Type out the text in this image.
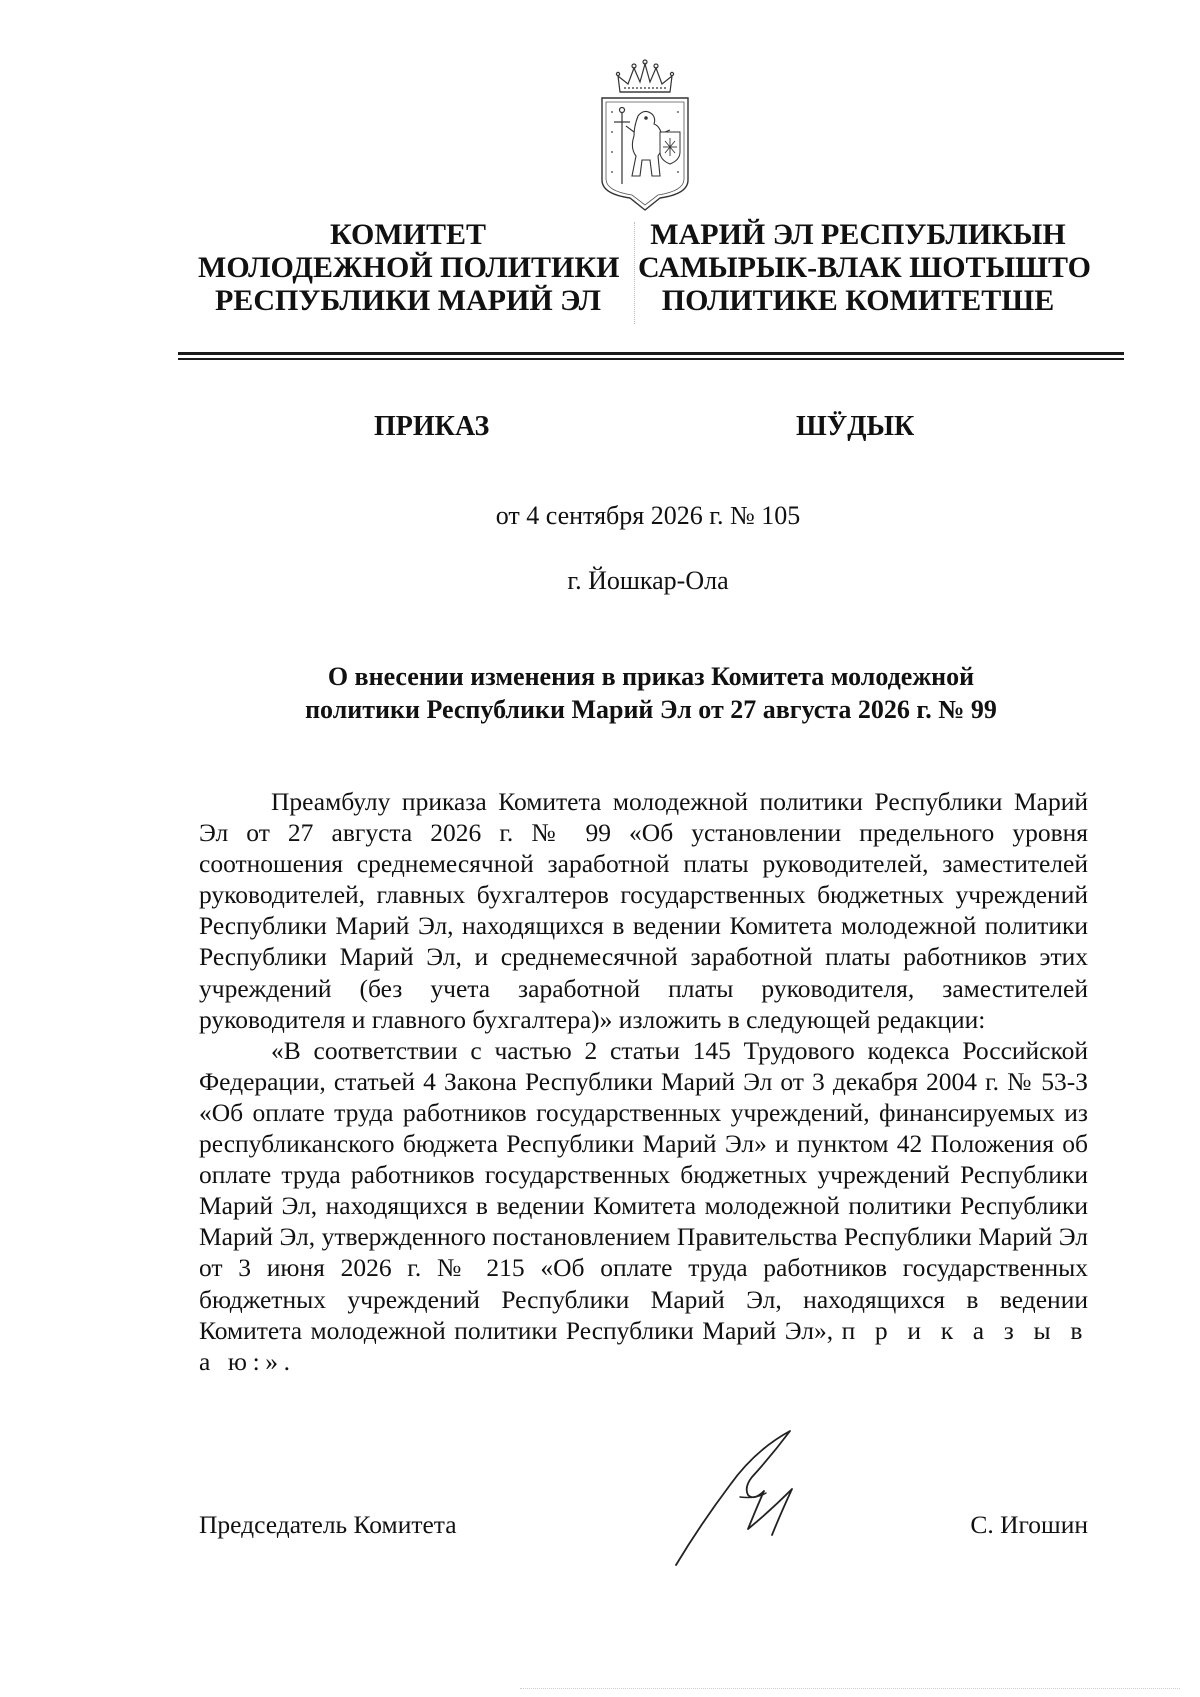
КОМИТЕТ
МОЛОДЕЖНОЙ ПОЛИТИКИ
РЕСПУБЛИКИ МАРИЙ ЭЛ
МАРИЙ ЭЛ РЕСПУБЛИКЫН
САМЫРЫК-ВЛАК ШОТЫШТО
ПОЛИТИКЕ КОМИТЕТШЕ
ПРИКАЗ	ШӰДЫК
от 4 сентября 2026 г. № 105
г. Йошкар-Ола
О внесении изменения в приказ Комитета молодежной
политики Республики Марий Эл от 27 августа 2026 г. № 99

Преамбулу приказа Комитета молодежной политики Республики Марий Эл от 27 августа 2026 г. № 99 «Об установлении предельного уровня соотношения среднемесячной заработной платы руководителей, заместителей руководителей, главных бухгалтеров государственных бюджетных учреждений Республики Марий Эл, находящихся в ведении Комитета молодежной политики Республики Марий Эл, и среднемесячной заработной платы работников этих учреждений (без учета заработной платы руководителя, заместителей руководителя и главного бухгалтера)» изложить в следующей редакции:

«В соответствии с частью 2 статьи 145 Трудового кодекса Российской Федерации, статьей 4 Закона Республики Марий Эл от 3 декабря 2004 г. № 53-З «Об оплате труда работников государственных учреждений, финансируемых из республиканского бюджета Республики Марий Эл» и пунктом 42 Положения об оплате труда работников государственных бюджетных учреждений Республики Марий Эл, находящихся в ведении Комитета молодежной политики Республики Марий Эл, утвержденного постановлением Правительства Республики Марий Эл от 3 июня 2026 г. № 215 «Об оплате труда работников государственных бюджетных учреждений Республики Марий Эл, находящихся в ведении Комитета молодежной политики Республики Марий Эл», п р и к а з ы в а ю:».

Председатель Комитета	С. Игошин
